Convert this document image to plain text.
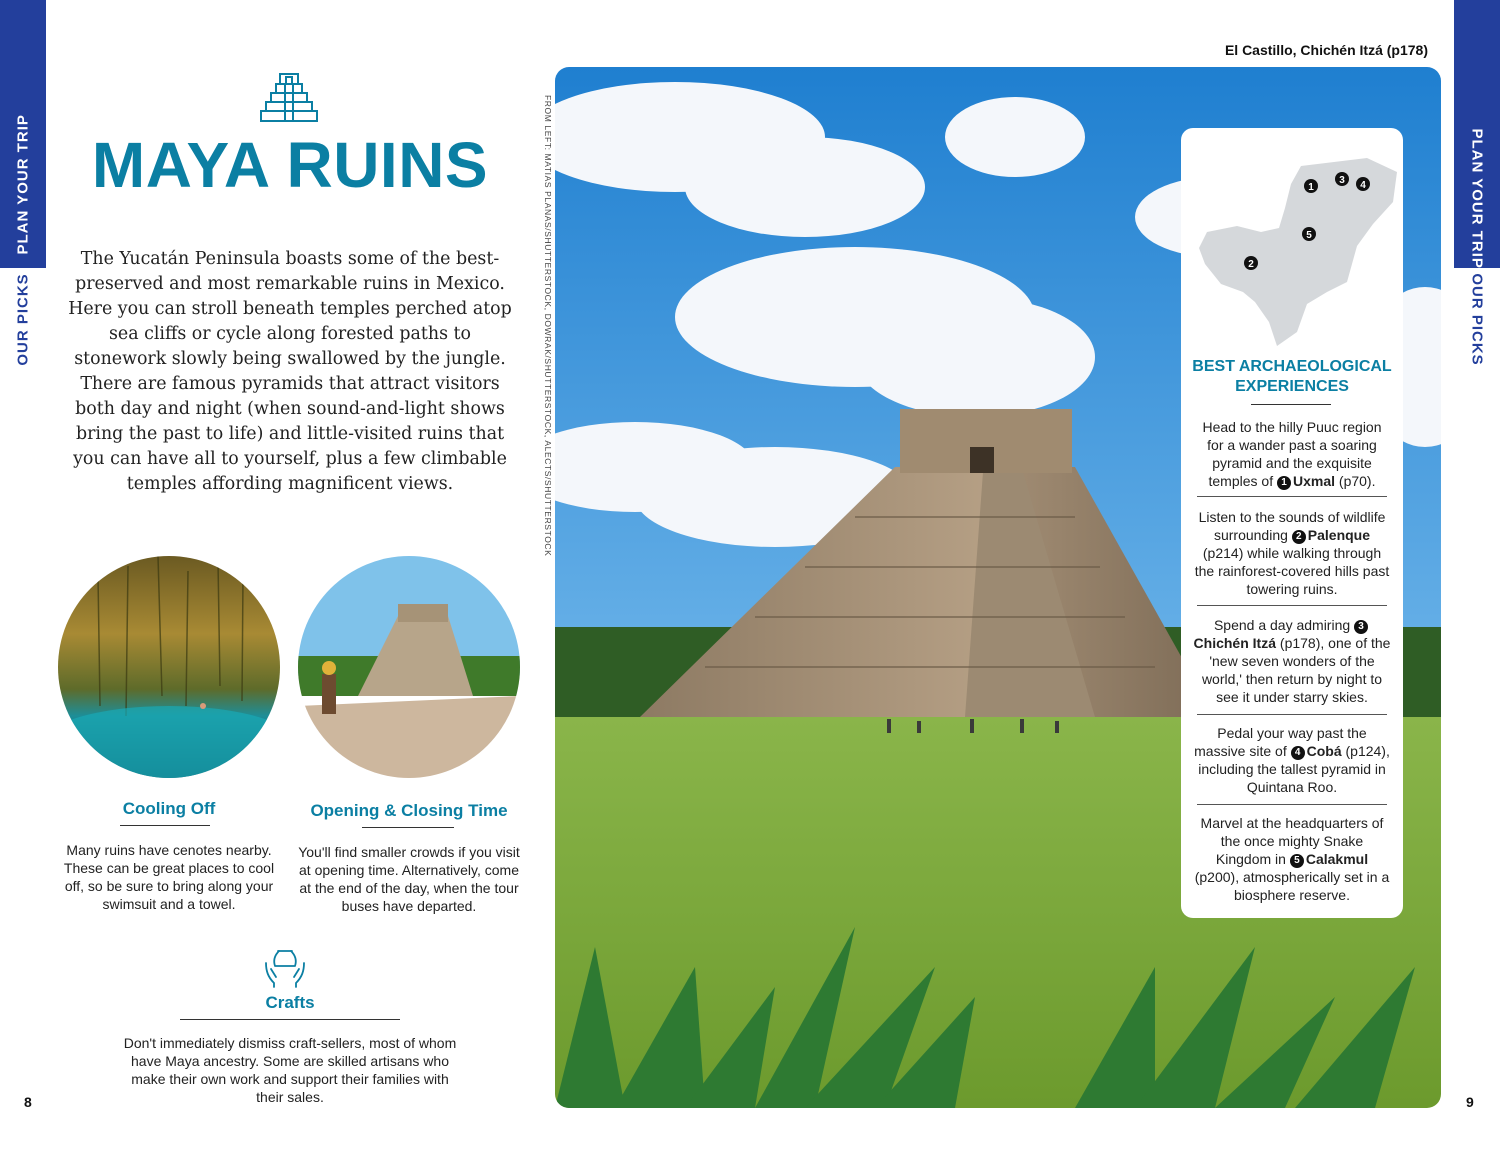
PLAN YOUR TRIP
OUR PICKS
PLAN YOUR TRIP
OUR PICKS
8	9
MAYA RUINS

The Yucatán Peninsula boasts some of the best-preserved and most remarkable ruins in Mexico. Here you can stroll beneath temples perched atop sea cliffs or cycle along forested paths to stonework slowly being swallowed by the jungle. There are famous pyramids that attract visitors both day and night (when sound-and-light shows bring the past to life) and little-visited ruins that you can have all to yourself, plus a few climbable temples affording magnificent views.

Cooling Off
Many ruins have cenotes nearby. These can be great places to cool off, so be sure to bring along your swimsuit and a towel.
Opening & Closing Time
You'll find smaller crowds if you visit at opening time. Alternatively, come at the end of the day, when the tour buses have departed.
Crafts
Don't immediately dismiss craft-sellers, most of whom have Maya ancestry. Some are skilled artisans who make their own work and support their families with their sales.
FROM LEFT: MATIAS PLANAS/SHUTTERSTOCK, DOWRAK/SHUTTERSTOCK, ALECTS/SHUTTERSTOCK
El Castillo, Chichén Itzá (p178)
1
2
3 4
5
BEST ARCHAEOLOGICAL EXPERIENCES
Head to the hilly Puuc region for a wander past a soaring pyramid and the exquisite temples of 1 Uxmal (p70).
Listen to the sounds of wildlife surrounding 2 Palenque (p214) while walking through the rainforest-covered hills past towering ruins.
Spend a day admiring 3Chichén Itzá (p178), one of the 'new seven wonders of the world,' then return by night to see it under starry skies.
Pedal your way past the massive site of 4 Cobá (p124), including the tallest pyramid in Quintana Roo.
Marvel at the headquarters of the once mighty Snake Kingdom in 5 Calakmul (p200), atmospherically set in a biosphere reserve.
